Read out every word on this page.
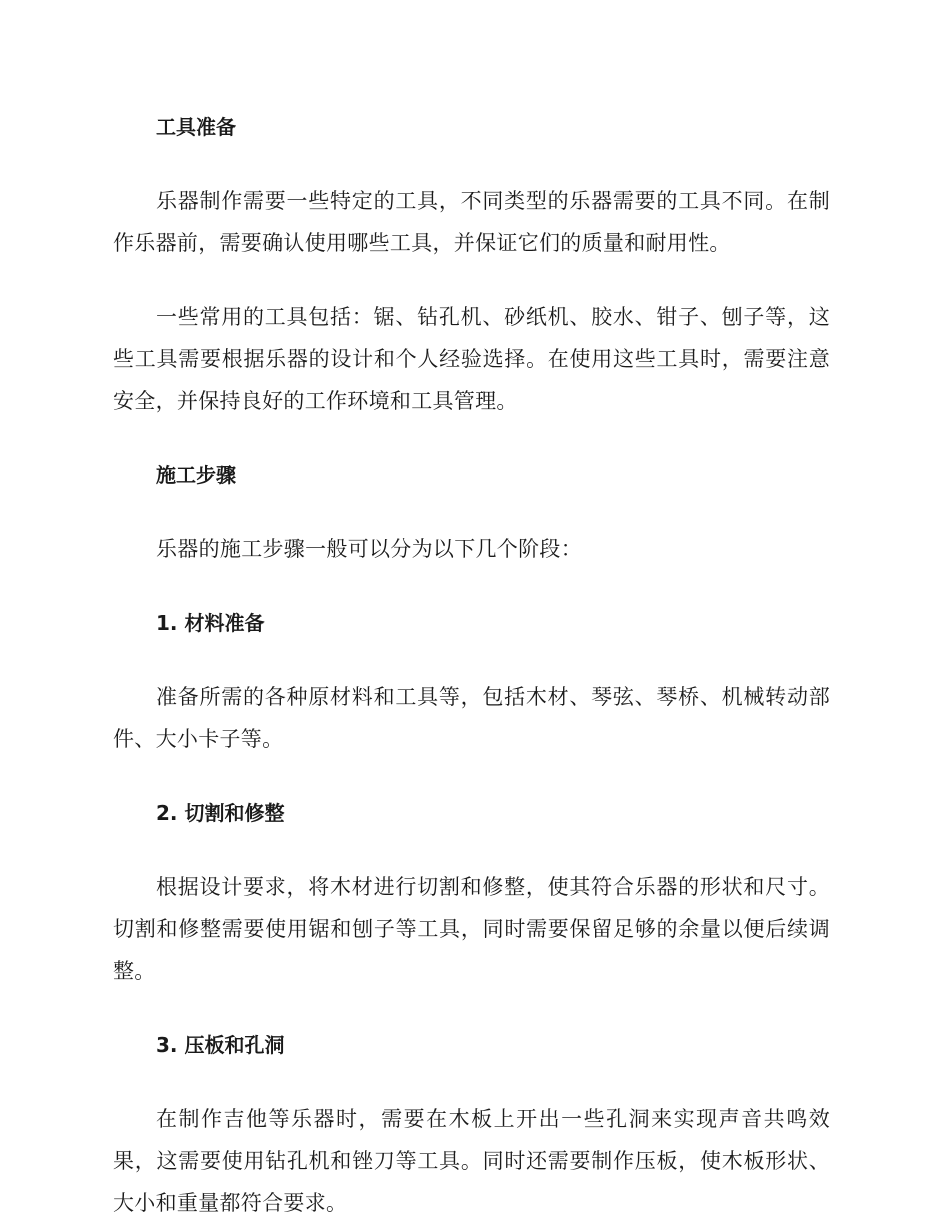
工具准备

乐器制作需要一些特定的工具，不同类型的乐器需要的工具不同。在制作乐器前，需要确认使用哪些工具，并保证它们的质量和耐用性。

一些常用的工具包括：锯、钻孔机、砂纸机、胶水、钳子、刨子等，这些工具需要根据乐器的设计和个人经验选择。在使用这些工具时，需要注意安全，并保持良好的工作环境和工具管理。

施工步骤

乐器的施工步骤一般可以分为以下几个阶段：

1. 材料准备

准备所需的各种原材料和工具等，包括木材、琴弦、琴桥、机械转动部件、大小卡子等。

2. 切割和修整

根据设计要求，将木材进行切割和修整，使其符合乐器的形状和尺寸。切割和修整需要使用锯和刨子等工具，同时需要保留足够的余量以便后续调整。

3. 压板和孔洞

在制作吉他等乐器时，需要在木板上开出一些孔洞来实现声音共鸣效果，这需要使用钻孔机和锉刀等工具。同时还需要制作压板，使木板形状、大小和重量都符合要求。
